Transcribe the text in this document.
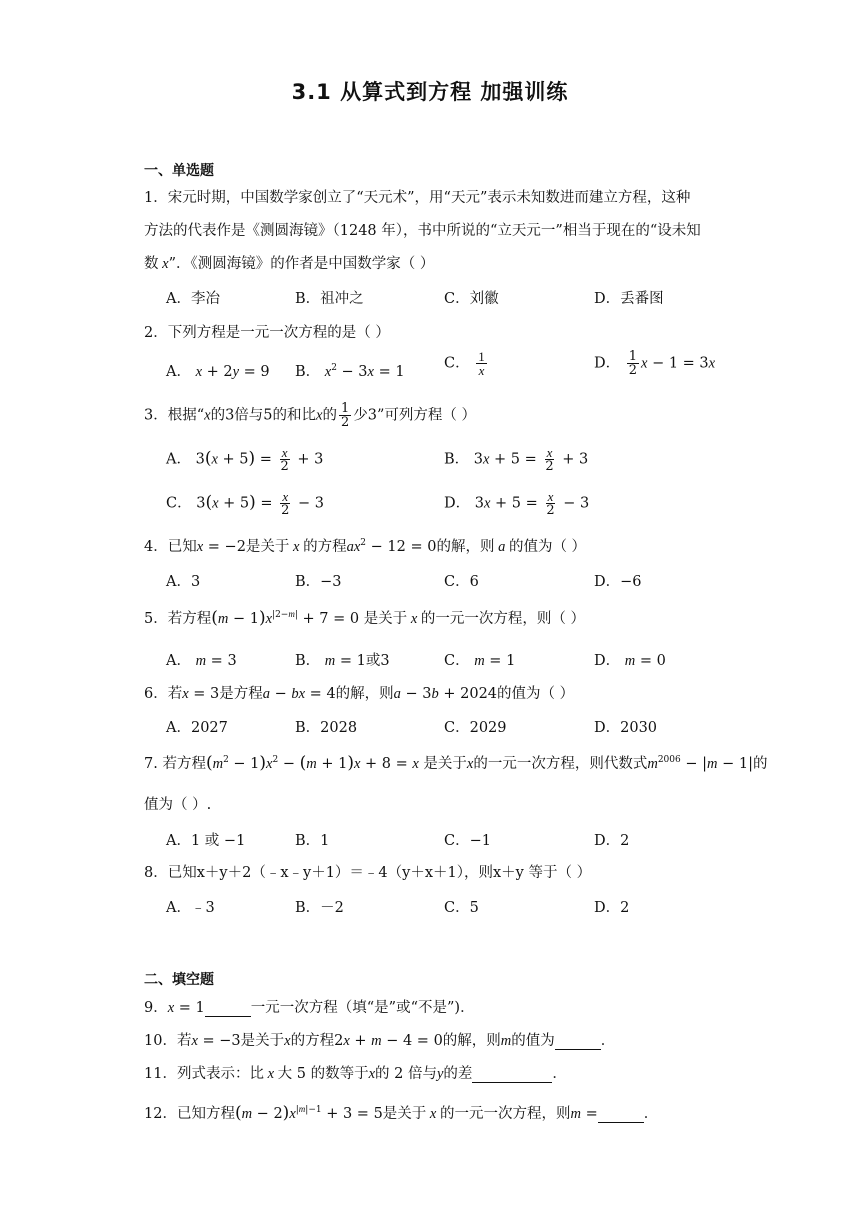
3.1 从算式到方程 加强训练
一、单选题
1．宋元时期，中国数学家创立了“天元术”，用“天元”表示未知数进而建立方程，这种
方法的代表作是《测圆海镜》（1248 年），书中所说的“立天元一”相当于现在的“设未知
数 x”．《测圆海镜》的作者是中国数学家（ ）
A．李冶	B．祖冲之	C．刘徽	D．丢番图
2．下列方程是一元一次方程的是（ ）
A． x + 2y = 9 B． $x^2 - 3x = 1$
C． $\frac{1}{x}$	D． $\frac{1}{2}$ x − 1 = 3x
3．根据“x的3倍与5的和比x的 $\frac{1}{2}$ 少3”可列方程（ ）
A． $3(x + 5) = \frac{x}{2} + 3$	B． $3x + 5 = \frac{x}{2} + 3$
C． $3(x + 5) = \frac{x}{2} - 3$	D． $3x + 5 = \frac{x}{2} - 3$
4．已知x = −2是关于 x 的方程$ax^2 - 12 = 0$的解，则 a 的值为（ ）
A．3	B．−3	C．6	D．−6
5．若方程$(m - 1)x^{|2-m|} + 7 = 0$ 是关于 x 的一元一次方程，则（ ）
A． m = 3	B． m = 1或3	C． m = 1	D． m = 0
6．若x = 3是方程a − bx = 4的解，则a − 3b + 2024的值为（ ）
A．2027	B．2028	C．2029	D．2030
7. 若方程$(m^2 - 1)x^2 - (m + 1)x + 8 = x$ 是关于x的一元一次方程，则代数式$m^{2006} - |m - 1|$的
值为（ ）.
A．1 或 −1	B．1	C．−1	D．2
8．已知x＋y＋2（﹣x﹣y＋1）＝﹣4（y＋x＋1），则x＋y 等于（ ）
A．﹣3	B．－2	C．5	D．2
二、填空题
9．x = 1	一元一次方程（填“是”或“不是”)．
10．若x = −3是关于x的方程2x + m − 4 = 0的解，则m的值为	．
11．列式表示：比 x 大 5 的数等于x的 2 倍与y的差	．
12．已知方程$(m - 2)x^{|m|-1} + 3 = 5$是关于 x 的一元一次方程，则m =	．
